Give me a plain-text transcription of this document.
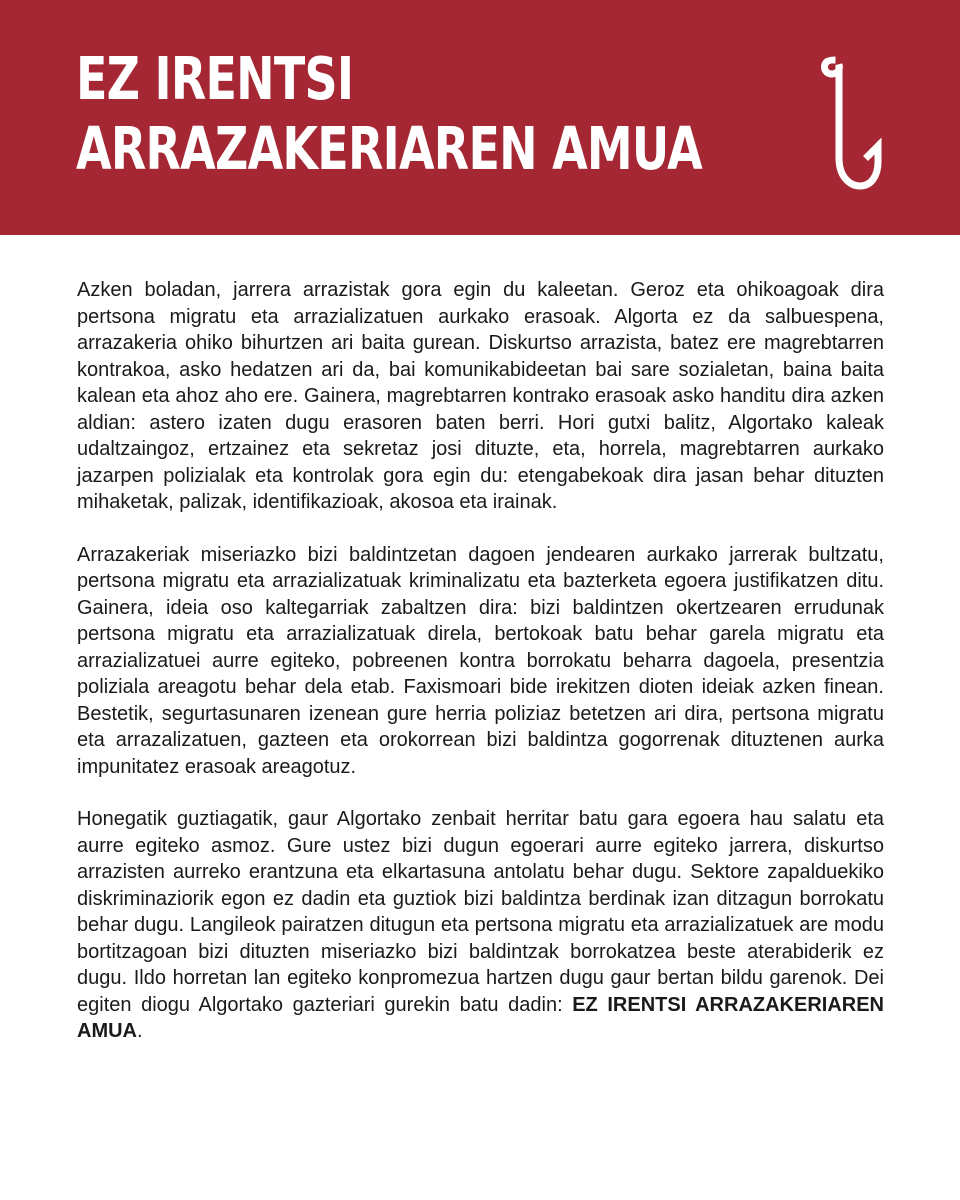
EZ IRENTSI
ARRAZAKERIAREN AMUA

Azken boladan, jarrera arrazistak gora egin du kaleetan. Geroz eta ohikoagoak dira pertsona migratu eta arrazializatuen aurkako erasoak. Algorta ez da salbuespena, arrazakeria ohiko bihurtzen ari baita gurean. Diskurtso arrazista, batez ere magrebtarren kontrakoa, asko hedatzen ari da, bai komunikabideetan bai sare sozialetan, baina baita kalean eta ahoz aho ere. Gainera, magrebtarren kontrako erasoak asko handitu dira azken aldian: astero izaten dugu erasoren baten berri. Hori gutxi balitz, Algortako kaleak udaltzaingoz, ertzainez eta sekretaz josi dituzte, eta, horrela, magrebtarren aurkako jazarpen polizialak eta kontrolak gora egin du: etengabekoak dira jasan behar dituzten mihaketak, palizak, identifikazioak, akosoa eta irainak.

Arrazakeriak miseriazko bizi baldintzetan dagoen jendearen aurkako jarrerak bultzatu, pertsona migratu eta arrazializatuak kriminalizatu eta bazterketa egoera justifikatzen ditu. Gainera, ideia oso kaltegarriak zabaltzen dira: bizi baldintzen okertzearen errudunak pertsona migratu eta arrazializatuak direla, bertokoak batu behar garela migratu eta arrazializatuei aurre egiteko, pobreenen kontra borrokatu beharra dagoela, presentzia poliziala areagotu behar dela etab. Faxismoari bide irekitzen dioten ideiak azken finean. Bestetik, segurtasunaren izenean gure herria poliziaz betetzen ari dira, pertsona migratu eta arrazalizatuen, gazteen eta orokorrean bizi baldintza gogorrenak dituztenen aurka impunitatez erasoak areagotuz.

Honegatik guztiagatik, gaur Algortako zenbait herritar batu gara egoera hau salatu eta aurre egiteko asmoz. Gure ustez bizi dugun egoerari aurre egiteko jarrera, diskurtso arrazisten aurreko erantzuna eta elkartasuna antolatu behar dugu. Sektore zapalduekiko diskriminaziorik egon ez dadin eta guztiok bizi baldintza berdinak izan ditzagun borrokatu behar dugu. Langileok pairatzen ditugun eta pertsona migratu eta arrazializatuek are modu bortitzagoan bizi dituzten miseriazko bizi baldintzak borrokatzea beste aterabiderik ez dugu. Ildo horretan lan egiteko konpromezua hartzen dugu gaur bertan bildu garenok. Dei egiten diogu Algortako gazteriari gurekin batu dadin: EZ IRENTSI ARRAZAKERIAREN AMUA.
